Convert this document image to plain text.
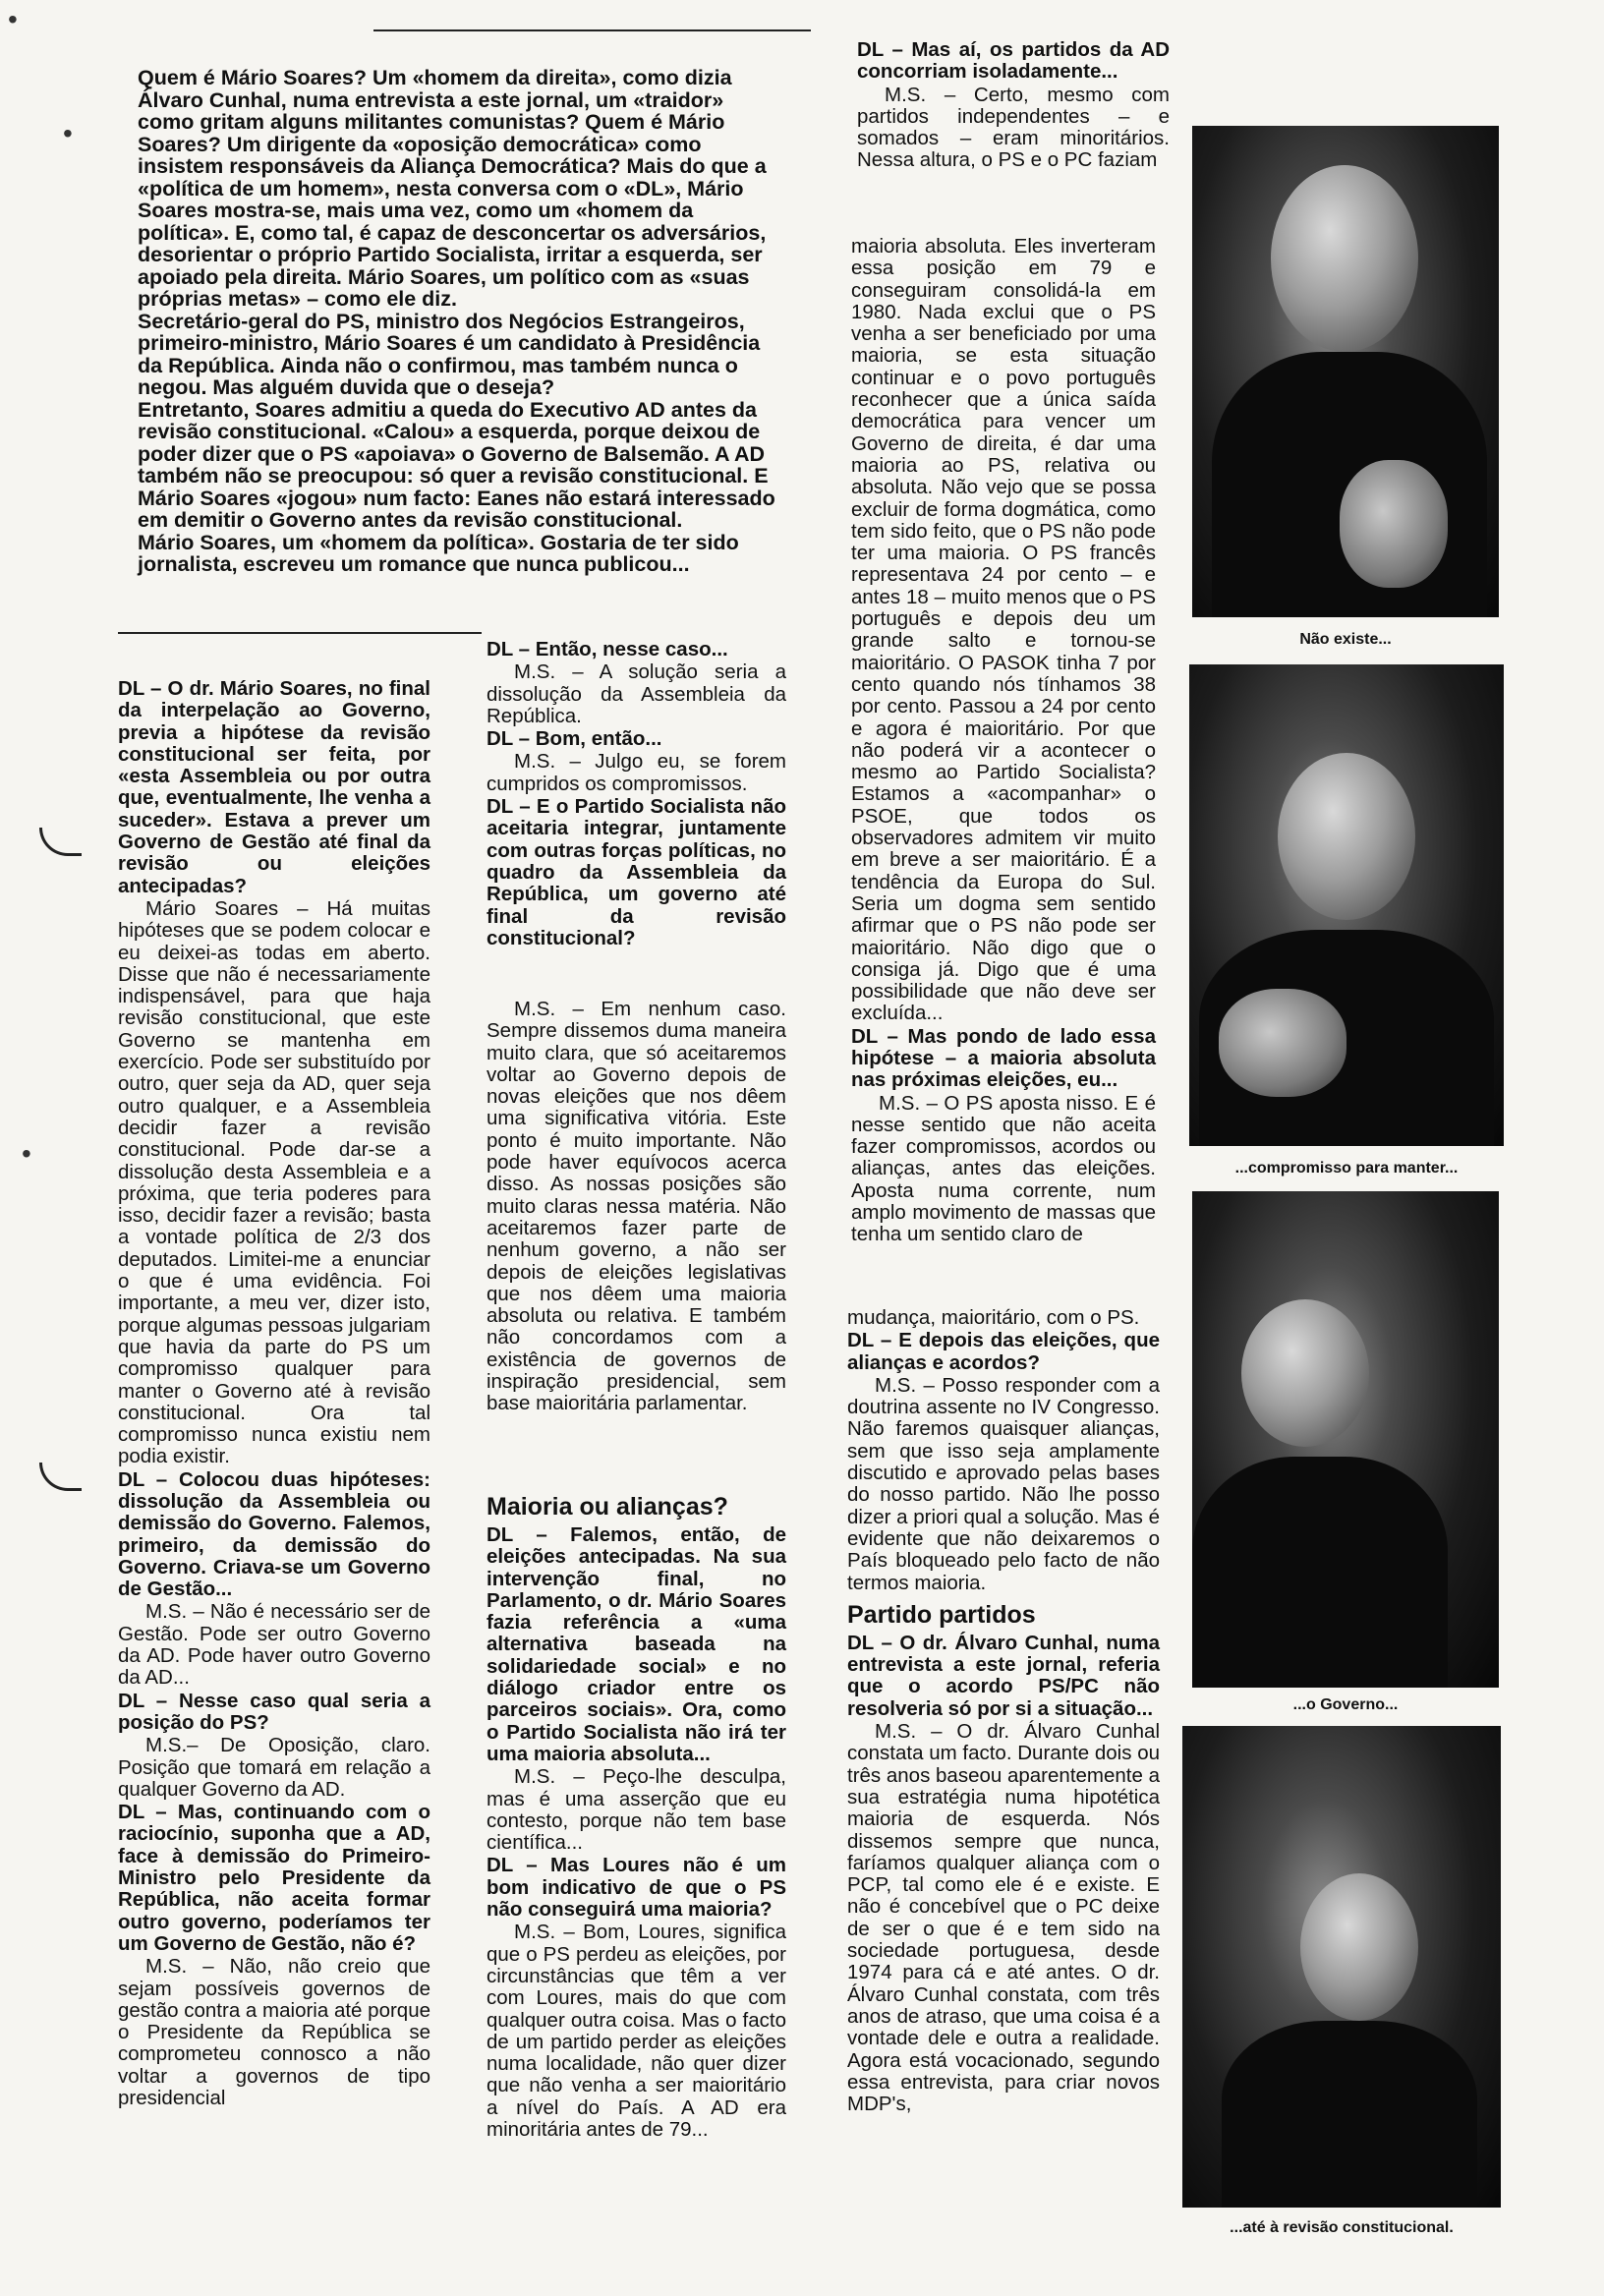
•
•
•

Quem é Mário Soares? Um «homem da direita», como dizia Álvaro Cunhal, numa entrevista a este jornal, um «traidor» como gritam alguns militantes comunistas? Quem é Mário Soares? Um dirigente da «oposição democrática» como insistem responsáveis da Aliança Democrática? Mais do que a «política de um homem», nesta conversa com o «DL», Mário Soares mostra-se, mais uma vez, como um «homem da política». E, como tal, é capaz de desconcertar os adversários, desorientar o próprio Partido Socialista, irritar a esquerda, ser apoiado pela direita. Mário Soares, um político com as «suas próprias metas» – como ele diz.

Secretário-geral do PS, ministro dos Negócios Estrangeiros, primeiro-ministro, Mário Soares é um candidato à Presidência da República. Ainda não o confirmou, mas também nunca o negou. Mas alguém duvida que o deseja?

Entretanto, Soares admitiu a queda do Executivo AD antes da revisão constitucional. «Calou» a esquerda, porque deixou de poder dizer que o PS «apoiava» o Governo de Balsemão. A AD também não se preocupou: só quer a revisão constitucional. E Mário Soares «jogou» num facto: Eanes não estará interessado em demitir o Governo antes da revisão constitucional.

Mário Soares, um «homem da política». Gostaria de ter sido jornalista, escreveu um romance que nunca publicou...

DL – O dr. Mário Soares, no final da interpelação ao Governo, previa a hipótese da revisão constitucional ser feita, por «esta Assembleia ou por outra que, eventualmente, lhe venha a suceder». Estava a prever um Governo de Gestão até final da revisão ou eleições antecipadas?

Mário Soares – Há muitas hipóteses que se podem colocar e eu deixei-as todas em aberto. Disse que não é necessariamente indispensável, para que haja revisão constitucional, que este Governo se mantenha em exercício. Pode ser substituído por outro, quer seja da AD, quer seja outro qualquer, e a Assembleia decidir fazer a revisão constitucional. Pode dar-se a dissolução desta Assembleia e a próxima, que teria poderes para isso, decidir fazer a revisão; basta a vontade política de 2/3 dos deputados. Limitei-me a enunciar o que é uma evidência. Foi importante, a meu ver, dizer isto, porque algumas pessoas julgariam que havia da parte do PS um compromisso qualquer para manter o Governo até à revisão constitucional. Ora tal compromisso nunca existiu nem podia existir.

DL – Colocou duas hipóteses: dissolução da Assembleia ou demissão do Governo. Falemos, primeiro, da demissão do Governo. Criava-se um Governo de Gestão...

M.S. – Não é necessário ser de Gestão. Pode ser outro Governo da AD. Pode haver outro Governo da AD...

DL – Nesse caso qual seria a posição do PS?

M.S.– De Oposição, claro. Posição que tomará em relação a qualquer Governo da AD.

DL – Mas, continuando com o raciocínio, suponha que a AD, face à demissão do Primeiro-Ministro pelo Presidente da República, não aceita formar outro governo, poderíamos ter um Governo de Gestão, não é?

M.S. – Não, não creio que sejam possíveis governos de gestão contra a maioria até porque o Presidente da República se comprometeu connosco a não voltar a governos de tipo presidencial

DL – Então, nesse caso...

M.S. – A solução seria a dissolução da Assembleia da República.

DL – Bom, então...

M.S. – Julgo eu, se forem cumpridos os compromissos.

DL – E o Partido Socialista não aceitaria integrar, juntamente com outras forças políticas, no quadro da Assembleia da República, um governo até final da revisão constitucional?

M.S. – Em nenhum caso. Sempre dissemos duma maneira muito clara, que só aceitaremos voltar ao Governo depois de novas eleições que nos dêem uma significativa vitória. Este ponto é muito importante. Não pode haver equívocos acerca disso. As nossas posições são muito claras nessa matéria. Não aceitaremos fazer parte de nenhum governo, a não ser depois de eleições legislativas que nos dêem uma maioria absoluta ou relativa. E também não concordamos com a existência de governos de inspiração presidencial, sem base maioritária parlamentar.

Maioria ou alianças?

DL – Falemos, então, de eleições antecipadas. Na sua intervenção final, no Parlamento, o dr. Mário Soares fazia referência a «uma alternativa baseada na solidariedade social» e no diálogo criador entre os parceiros sociais». Ora, como o Partido Socialista não irá ter uma maioria absoluta...

M.S. – Peço-lhe desculpa, mas é uma asserção que eu contesto, porque não tem base científica...

DL – Mas Loures não é um bom indicativo de que o PS não conseguirá uma maioria?

M.S. – Bom, Loures, significa que o PS perdeu as eleições, por circunstâncias que têm a ver com Loures, mais do que com qualquer outra coisa. Mas o facto de um partido perder as eleições numa localidade, não quer dizer que não venha a ser maioritário a nível do País. A AD era minoritária antes de 79...

DL – Mas aí, os partidos da AD concorriam isoladamente...

M.S. – Certo, mesmo com partidos independentes – e somados – eram minoritários. Nessa altura, o PS e o PC faziam

maioria absoluta. Eles inverteram essa posição em 79 e conseguiram consolidá-la em 1980. Nada exclui que o PS venha a ser beneficiado por uma maioria, se esta situação continuar e o povo português reconhecer que a única saída democrática para vencer um Governo de direita, é dar uma maioria ao PS, relativa ou absoluta. Não vejo que se possa excluir de forma dogmática, como tem sido feito, que o PS não pode ter uma maioria. O PS francês representava 24 por cento – e antes 18 – muito menos que o PS português e depois deu um grande salto e tornou-se maioritário. O PASOK tinha 7 por cento quando nós tínhamos 38 por cento. Passou a 24 por cento e agora é maioritário. Por que não poderá vir a acontecer o mesmo ao Partido Socialista? Estamos a «acompanhar» o PSOE, que todos os observadores admitem vir muito em breve a ser maioritário. É a tendência da Europa do Sul. Seria um dogma sem sentido afirmar que o PS não pode ser maioritário. Não digo que o consiga já. Digo que é uma possibilidade que não deve ser excluída...

DL – Mas pondo de lado essa hipótese – a maioria absoluta nas próximas eleições, eu...

M.S. – O PS aposta nisso. E é nesse sentido que não aceita fazer compromissos, acordos ou alianças, antes das eleições. Aposta numa corrente, num amplo movimento de massas que tenha um sentido claro de

mudança, maioritário, com o PS.

DL – E depois das eleições, que alianças e acordos?

M.S. – Posso responder com a doutrina assente no IV Congresso. Não faremos quaisquer alianças, sem que isso seja amplamente discutido e aprovado pelas bases do nosso partido. Não lhe posso dizer a priori qual a solução. Mas é evidente que não deixaremos o País bloqueado pelo facto de não termos maioria.

Partido partidos

DL – O dr. Álvaro Cunhal, numa entrevista a este jornal, referia que o acordo PS/PC não resolveria só por si a situação...

M.S. – O dr. Álvaro Cunhal constata um facto. Durante dois ou três anos baseou aparentemente a sua estratégia numa hipotética maioria de esquerda. Nós dissemos sempre que nunca, faríamos qualquer aliança com o PCP, tal como ele é e existe. E não é concebível que o PC deixe de ser o que é e tem sido na sociedade portuguesa, desde 1974 para cá e até antes. O dr. Álvaro Cunhal constata, com três anos de atraso, que uma coisa é a vontade dele e outra a realidade. Agora está vocacionado, segundo essa entrevista, para criar novos MDP's,

Não existe...
...compromisso para manter...
...o Governo...
...até à revisão constitucional.
